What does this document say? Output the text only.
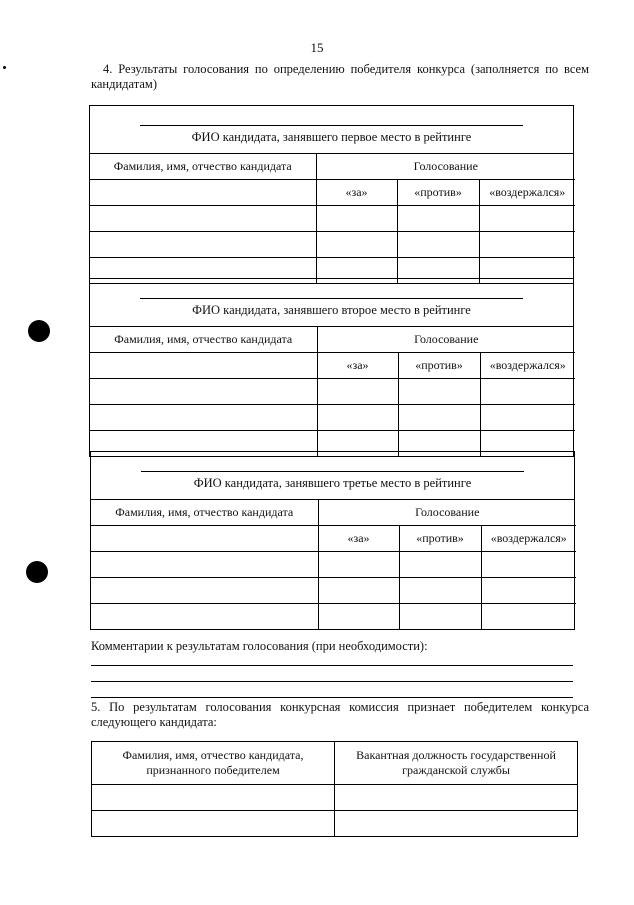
15
4. Результаты голосования по определению победителя конкурса (заполняется по всем кандидатам)
ФИО кандидата, занявшего первое место в рейтинге
Фамилия, имя, отчество кандидата	Голосование		
	«за»	«против»	«воздержался»

ФИО кандидата, занявшего второе место в рейтинге
Фамилия, имя, отчество кандидата	Голосование		
	«за»	«против»	«воздержался»

ФИО кандидата, занявшего третье место в рейтинге
Фамилия, имя, отчество кандидата	Голосование		
	«за»	«против»	«воздержался»

Комментарии к результатам голосования (при необходимости):
5. По результатам голосования конкурсная комиссия признает победителем конкурса следующего кандидата:
Фамилия, имя, отчество кандидата, признанного победителем	Вакантная должность государственной гражданской службы
